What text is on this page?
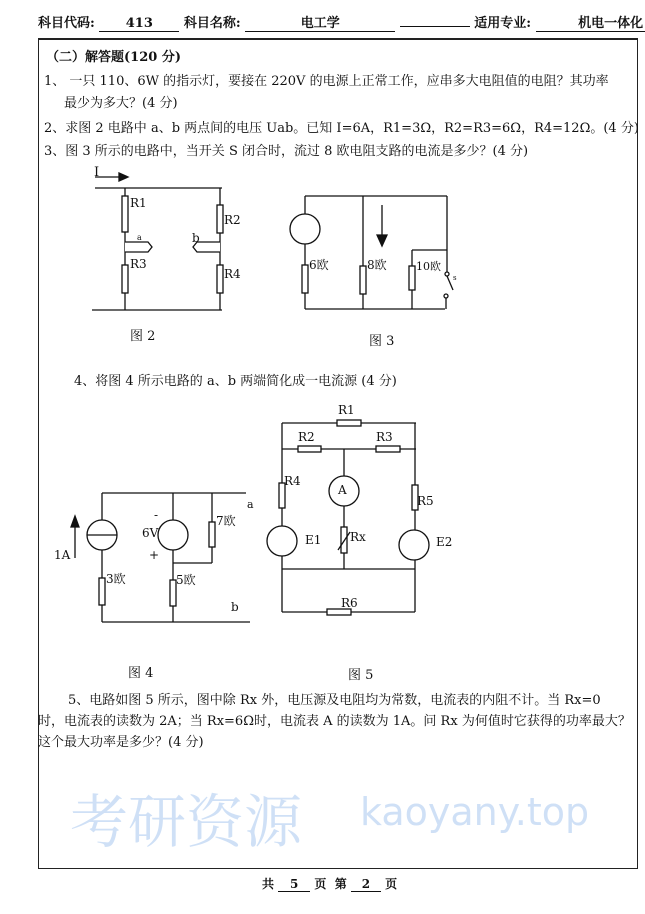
科目代码: 413 科目名称:	电工学	适用专业:	机电一体化
（二）解答题(120 分)
1、 一只 110、6W 的指示灯，要接在 220V 的电源上正常工作，应串多大电阻值的电阻？其功率
最少为多大？(4 分)
2、求图 2 电路中 a、b 两点间的电压 Uab。已知 I=6A，R1=3Ω，R2=R3=6Ω，R4=12Ω。(4 分)
3、图 3 所示的电路中，当开关 S 闭合时，流过 8 欧电阻支路的电流是多少？(4 分)
4、将图 4 所示电路的 a、b 两端简化成一电流源 (4 分)
5、电路如图 5 所示，图中除 Rx 外，电压源及电阻均为常数，电流表的内阻不计。当 Rx=0
时，电流表的读数为 2A；当 Rx=6Ω时，电流表 A 的读数为 1A。问 Rx 为何值时它获得的功率最大？
这个最大功率是多少？(4 分)
I
R1
R2
R3
R4
a	b
图 2
6欧	8欧	10欧
s
图 3
a
b
1A
-
6V
+
3欧	5欧
7欧
图 4
R1
R2	R3
R4
R5
R6
A
Rx
E1	E2
图 5
kaoyany.top
考研资源
共 5 页 第 2 页
